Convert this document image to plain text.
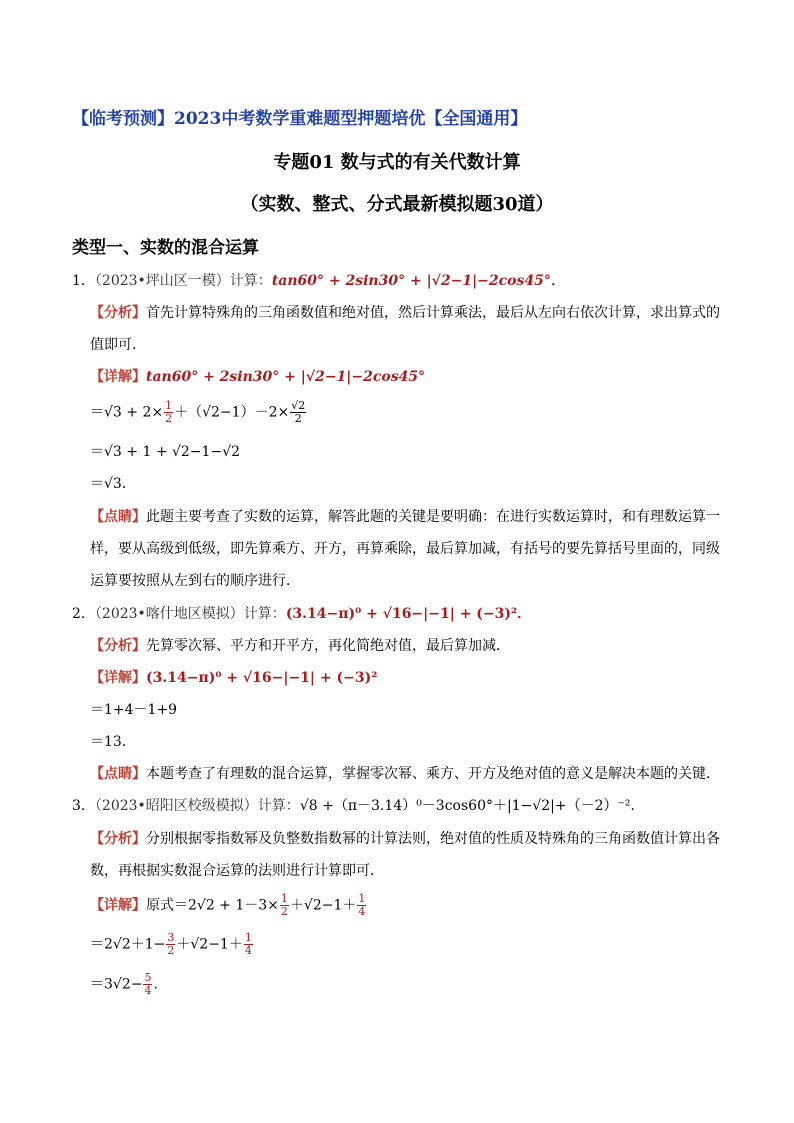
【临考预测】2023中考数学重难题型押题培优【全国通用】
专题01 数与式的有关代数计算
（实数、整式、分式最新模拟题30道）
类型一、实数的混合运算
1．（2023•坪山区一模）计算：tan60° + 2sin30° + |√2−1|−2cos45°．
【分析】首先计算特殊角的三角函数值和绝对值，然后计算乘法，最后从左向右依次计算，求出算式的
值即可．
【详解】tan60° + 2sin30° + |√2−1|−2cos45°
$=√3 + 2\times \frac{1}{2} +(√2-1)-2\times \frac{√2}{2}$
＝√3 + 1 + √2−1−√2
＝√3．
【点睛】此题主要考查了实数的运算，解答此题的关键是要明确：在进行实数运算时，和有理数运算一
样，要从高级到低级，即先算乘方、开方，再算乘除，最后算加减，有括号的要先算括号里面的，同级
运算要按照从左到右的顺序进行．
2．（2023•喀什地区模拟）计算：(3.14−π)⁰ + √16−|−1| + (−3)²．
【分析】先算零次幂、平方和开平方，再化简绝对值，最后算加减．
【详解】(3.14−π)⁰ + √16−|−1| + (−3)²
＝1+4－1+9
＝13．
【点睛】本题考查了有理数的混合运算，掌握零次幂、乘方、开方及绝对值的意义是解决本题的关键．
3．（2023•昭阳区校级模拟）计算：√8 +（π－3.14）⁰－3cos60°＋|1−√2|+（－2）⁻²．
【分析】分别根据零指数幂及负整数指数幂的计算法则，绝对值的性质及特殊角的三角函数值计算出各
数，再根据实数混合运算的法则进行计算即可．
【详解】原式$=2√2 + 1-3\times \frac{1}{2} +√2-1+ \frac{1}{4}$
$=2√2+1- \frac{3}{2} +√2-1+ \frac{1}{4}$
$=3√2- \frac{5}{4}$ ．
